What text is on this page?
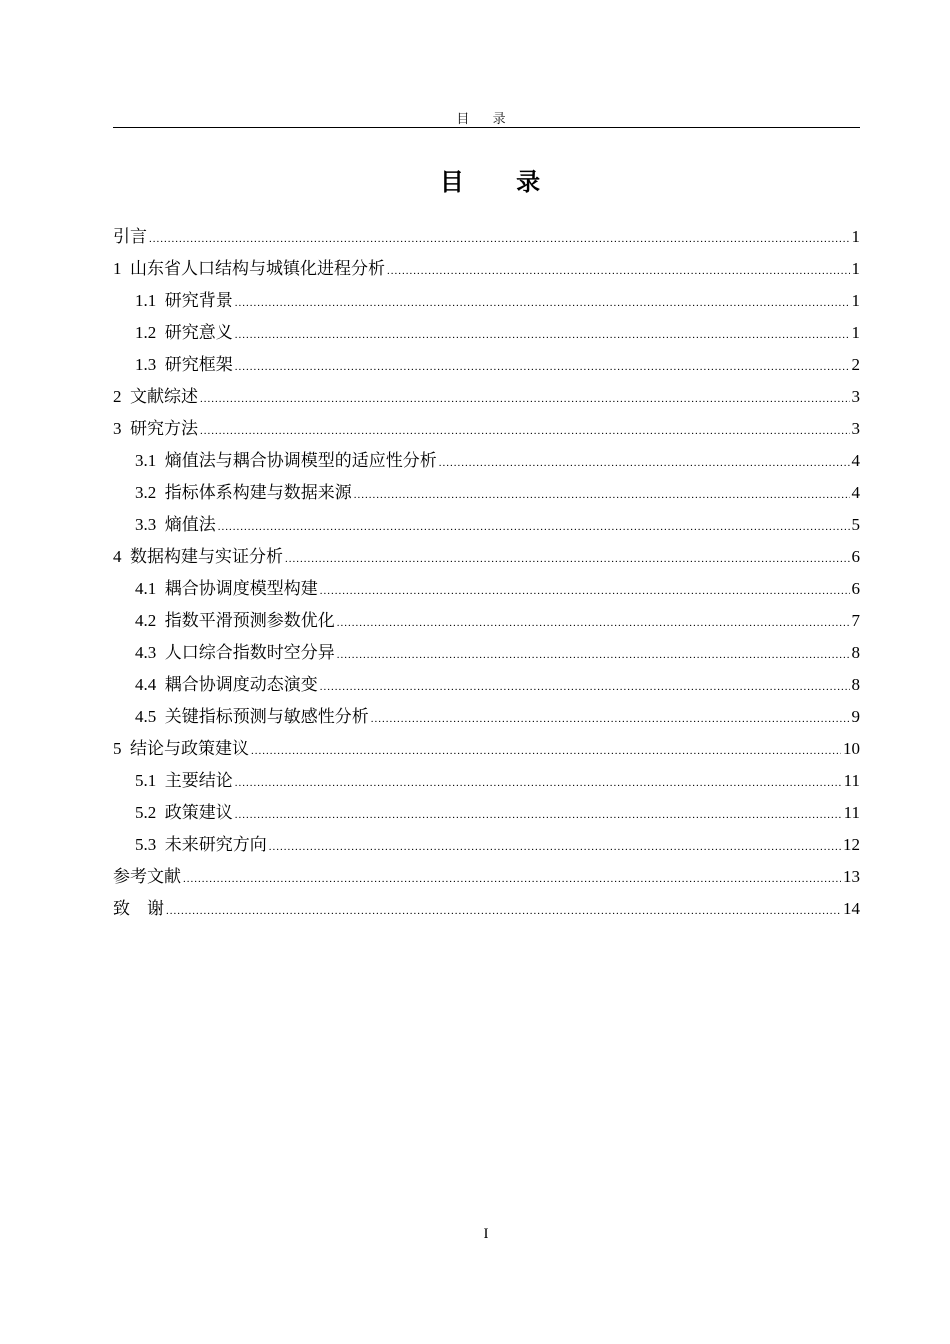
目 录
目 录
引言 .....	1
1 山东省人口结构与城镇化进程分析 .....	1
1.1 研究背景 .....	1
1.2 研究意义 .....	1
1.3 研究框架 .....	2
2 文献综述 .....	3
3 研究方法 .....	3
3.1 熵值法与耦合协调模型的适应性分析 .....	4
3.2 指标体系构建与数据来源 .....	4
3.3 熵值法 .....	5
4 数据构建与实证分析 .....	6
4.1 耦合协调度模型构建 .....	6
4.2 指数平滑预测参数优化 .....	7
4.3 人口综合指数时空分异 .....	8
4.4 耦合协调度动态演变 .....	8
4.5 关键指标预测与敏感性分析 .....	9
5 结论与政策建议 .....	10
5.1 主要结论 .....	11
5.2 政策建议 .....	11
5.3 未来研究方向 .....	12
参考文献 .....	13
致    谢 .....	14
I
